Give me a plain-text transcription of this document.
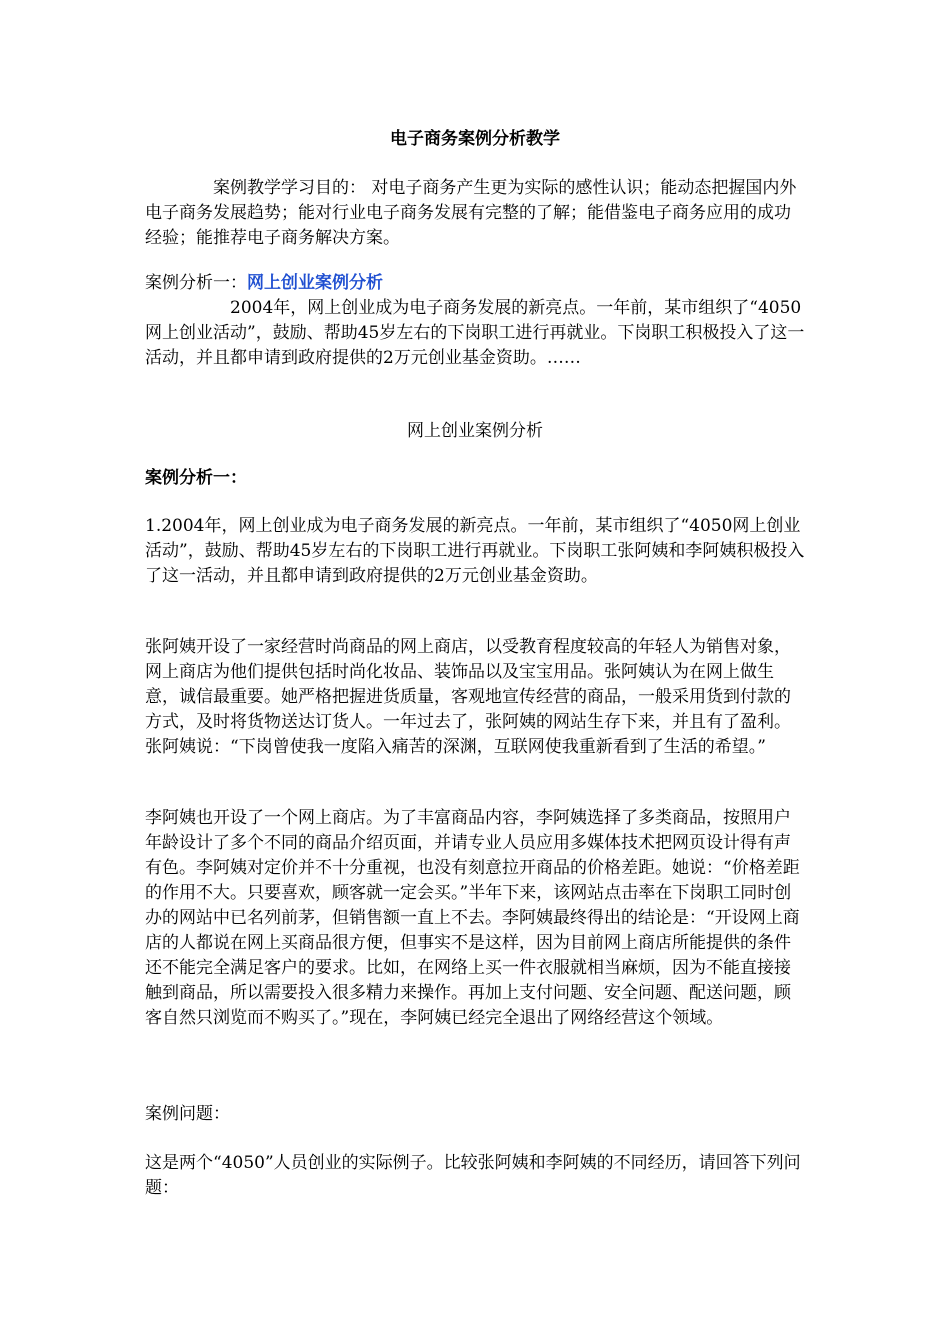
电子商务案例分析教学

案例教学学习目的： 对电子商务产生更为实际的感性认识；能动态把握国内外电子商务发展趋势；能对行业电子商务发展有完整的了解；能借鉴电子商务应用的成功经验；能推荐电子商务解决方案。

案例分析一：网上创业案例分析

2004年，网上创业成为电子商务发展的新亮点。一年前，某市组织了“4050网上创业活动”，鼓励、帮助45岁左右的下岗职工进行再就业。下岗职工积极投入了这一活动，并且都申请到政府提供的2万元创业基金资助。……

网上创业案例分析
案例分析一：

1.2004年，网上创业成为电子商务发展的新亮点。一年前，某市组织了“4050网上创业活动”，鼓励、帮助45岁左右的下岗职工进行再就业。下岗职工张阿姨和李阿姨积极投入了这一活动，并且都申请到政府提供的2万元创业基金资助。

张阿姨开设了一家经营时尚商品的网上商店，以受教育程度较高的年轻人为销售对象，网上商店为他们提供包括时尚化妆品、装饰品以及宝宝用品。张阿姨认为在网上做生意，诚信最重要。她严格把握进货质量，客观地宣传经营的商品，一般采用货到付款的方式，及时将货物送达订货人。一年过去了，张阿姨的网站生存下来，并且有了盈利。张阿姨说：“下岗曾使我一度陷入痛苦的深渊，互联网使我重新看到了生活的希望。”

李阿姨也开设了一个网上商店。为了丰富商品内容，李阿姨选择了多类商品，按照用户年龄设计了多个不同的商品介绍页面，并请专业人员应用多媒体技术把网页设计得有声有色。李阿姨对定价并不十分重视，也没有刻意拉开商品的价格差距。她说：“价格差距的作用不大。只要喜欢，顾客就一定会买。”半年下来，该网站点击率在下岗职工同时创办的网站中已名列前茅，但销售额一直上不去。李阿姨最终得出的结论是：“开设网上商店的人都说在网上买商品很方便，但事实不是这样，因为目前网上商店所能提供的条件还不能完全满足客户的要求。比如，在网络上买一件衣服就相当麻烦，因为不能直接接触到商品，所以需要投入很多精力来操作。再加上支付问题、安全问题、配送问题，顾客自然只浏览而不购买了。”现在，李阿姨已经完全退出了网络经营这个领域。

案例问题：

这是两个“4050”人员创业的实际例子。比较张阿姨和李阿姨的不同经历，请回答下列问题：
